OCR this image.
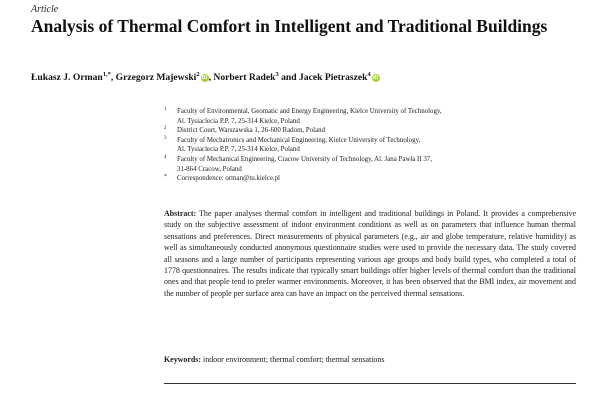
Article
Analysis of Thermal Comfort in Intelligent and Traditional Buildings
Łukasz J. Orman$^{1,*}$, Grzegorz Majewski$^2$ iD, Norbert Radek$^3$ and Jacek Pietraszek$^4$ iD
1 Faculty of Environmental, Geomatic and Energy Engineering, Kielce University of Technology,
Al. Tysiaclecia P.P. 7, 25-314 Kielce, Poland
2 District Court, Warszawska 1, 26-600 Radom, Poland
3 Faculty of Mechatronics and Mechanical Engineering, Kielce University of Technology,
Al. Tysiaclecia P.P. 7, 25-314 Kielce, Poland
4 Faculty of Mechanical Engineering, Cracow University of Technology, Al. Jana Pawła II 37,
31-864 Cracow, Poland
* Correspondence: orman@tu.kielce.pl
Abstract: The paper analyses thermal comfort in intelligent and traditional buildings in Poland. It provides a comprehensive study on the subjective assessment of indoor environment conditions as well as on parameters that influence human thermal sensations and preferences. Direct measurements of physical parameters (e.g., air and globe temperature, relative humidity) as well as simultaneously conducted anonymous questionnaire studies were used to provide the necessary data. The study covered all seasons and a large number of participants representing various age groups and body build types, who completed a total of 1778 questionnaires. The results indicate that typically smart buildings offer higher levels of thermal comfort than the traditional ones and that people tend to prefer warmer environments. Moreover, it has been observed that the BMI index, air movement and the number of people per surface area can have an impact on the perceived thermal sensations.
Keywords: indoor environment; thermal comfort; thermal sensations
